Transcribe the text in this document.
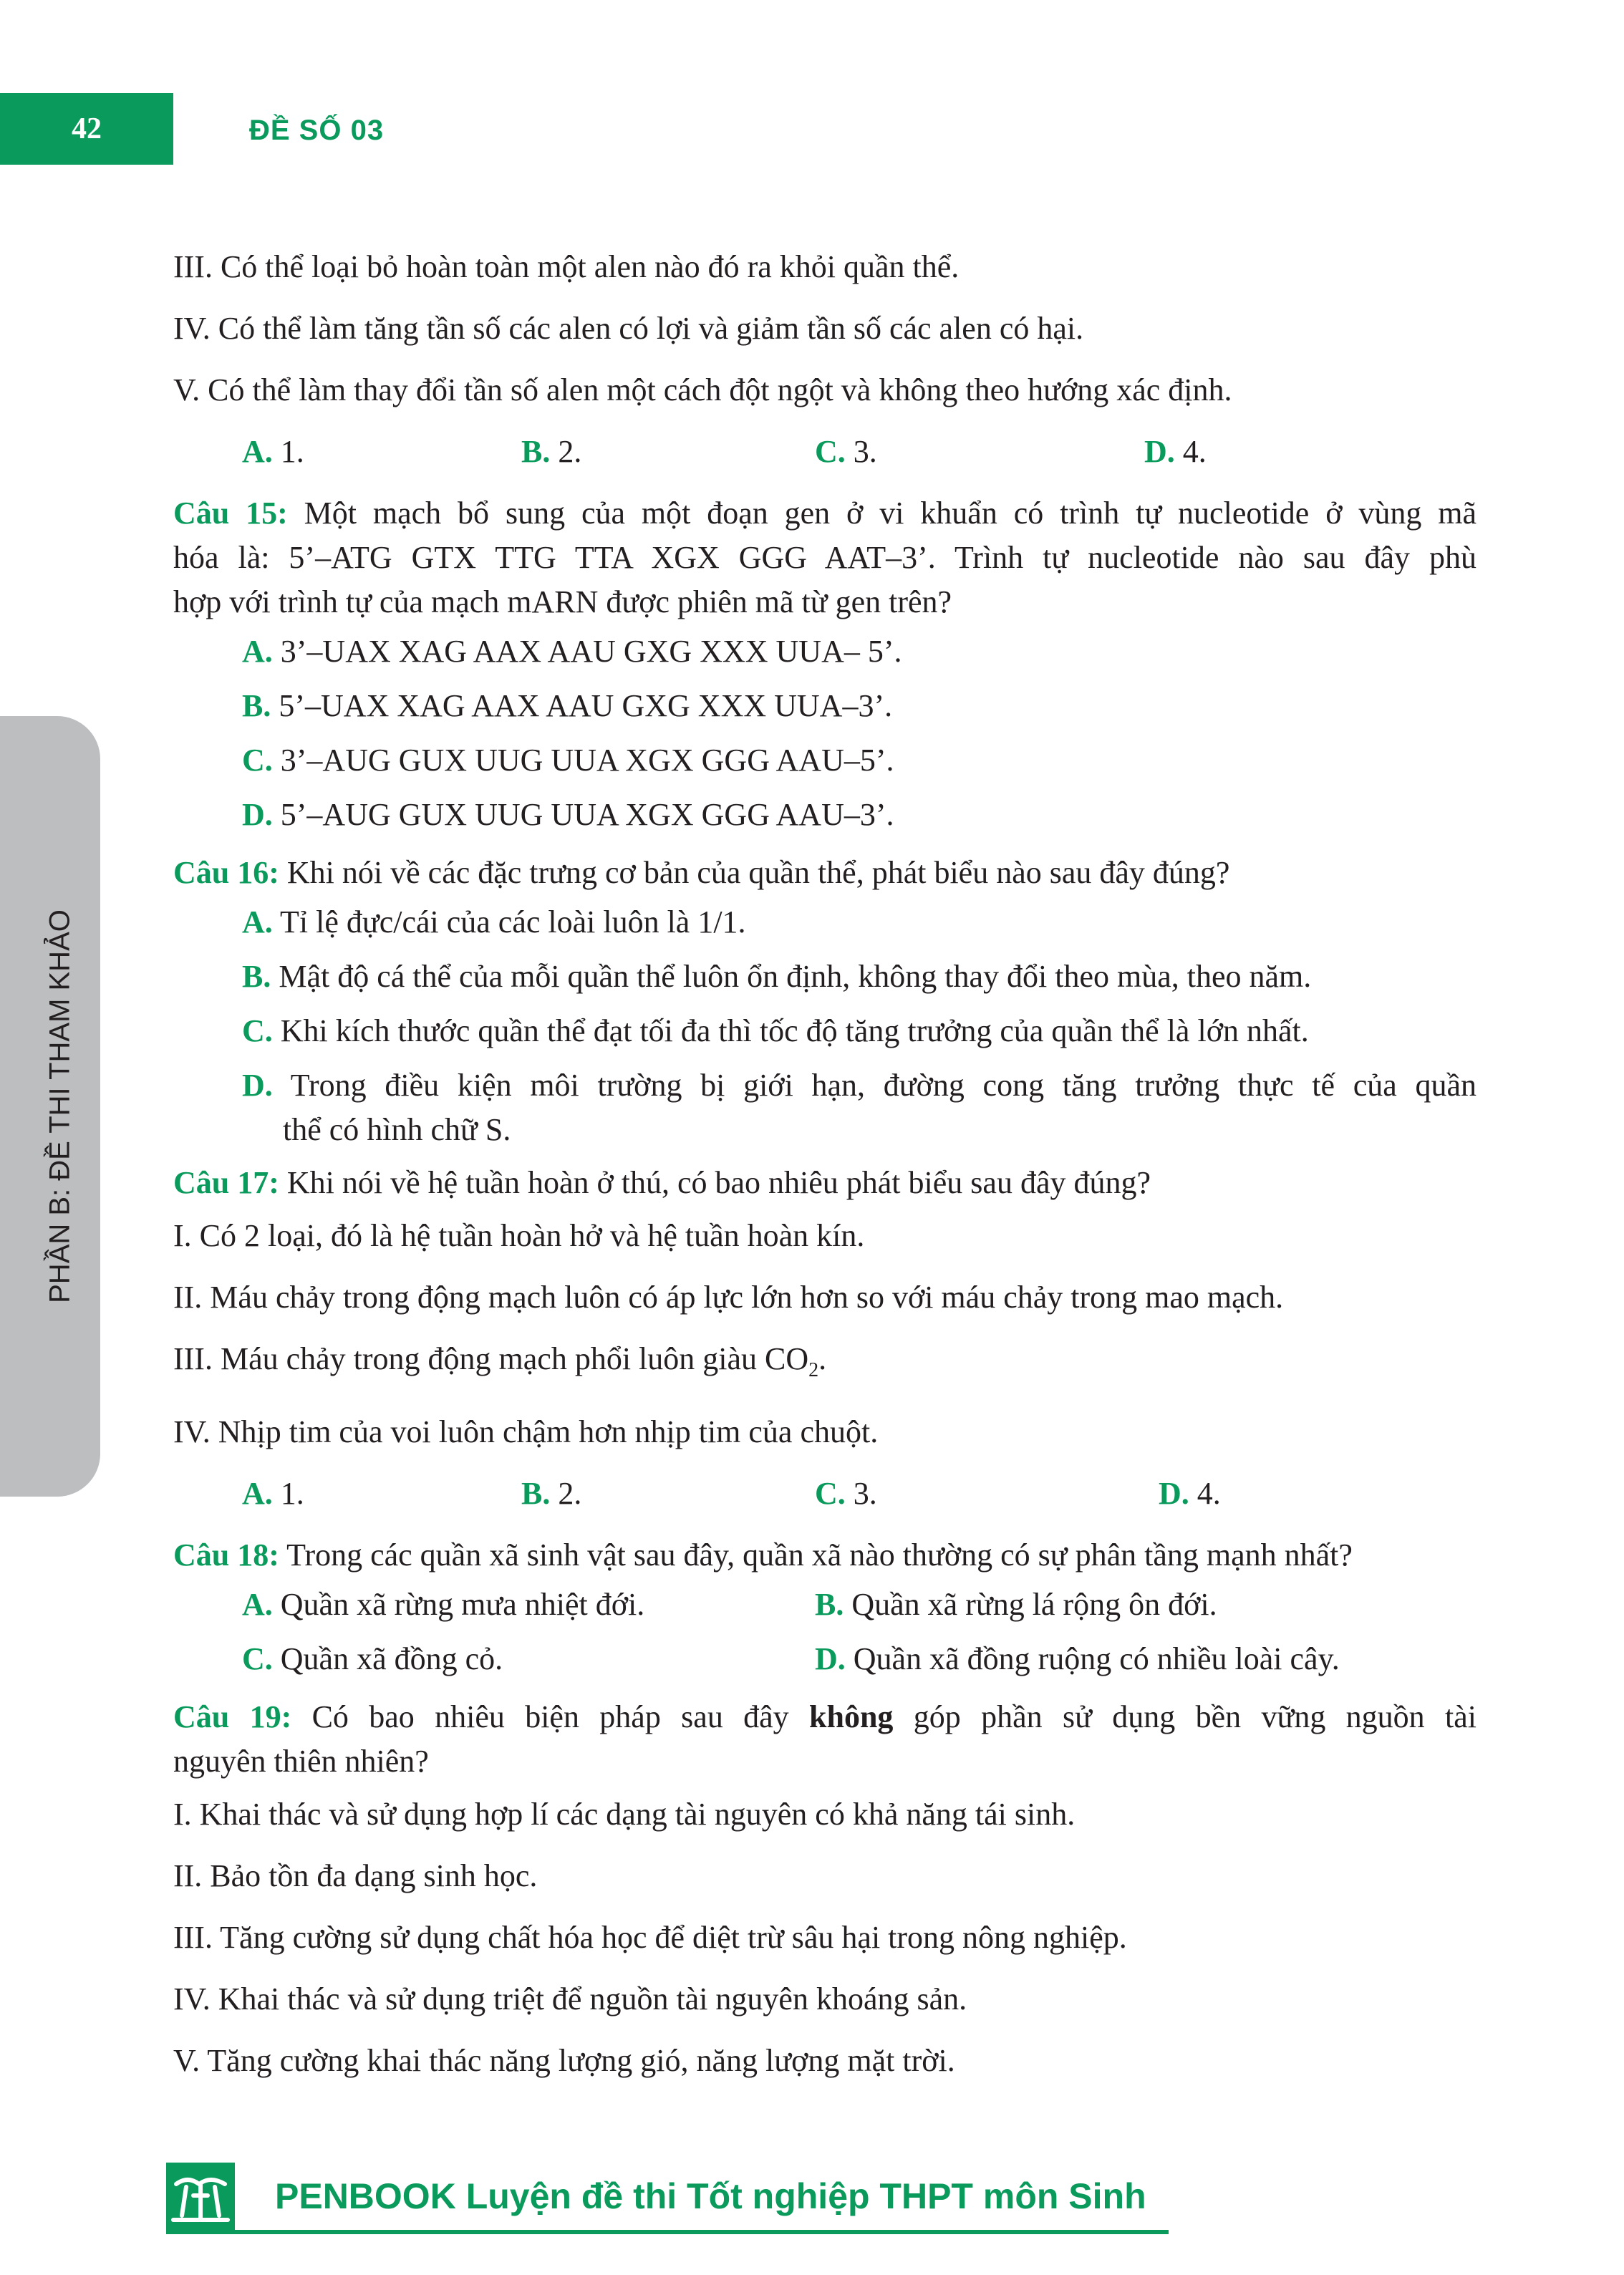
42	ĐỀ SỐ 03
PHẦN B: ĐỀ THI THAM KHẢO
III. Có thể loại bỏ hoàn toàn một alen nào đó ra khỏi quần thể.
IV. Có thể làm tăng tần số các alen có lợi và giảm tần số các alen có hại.
V. Có thể làm thay đổi tần số alen một cách đột ngột và không theo hướng xác định.
A. 1.	B. 2.	C. 3.	D. 4.
Câu 15: Một mạch bổ sung của một đoạn gen ở vi khuẩn có trình tự nucleotide ở vùng mã
hóa là: 5’–ATG GTX TTG TTA XGX GGG AAT–3’. Trình tự nucleotide nào sau đây phù
hợp với trình tự của mạch mARN được phiên mã từ gen trên?
A. 3’–UAX XAG AAX AAU GXG XXX UUA– 5’.
B. 5’–UAX XAG AAX AAU GXG XXX UUA–3’.
C. 3’–AUG GUX UUG UUA XGX GGG AAU–5’.
D. 5’–AUG GUX UUG UUA XGX GGG AAU–3’.
Câu 16: Khi nói về các đặc trưng cơ bản của quần thể, phát biểu nào sau đây đúng?
A. Tỉ lệ đực/cái của các loài luôn là 1/1.
B. Mật độ cá thể của mỗi quần thể luôn ổn định, không thay đổi theo mùa, theo năm.
C. Khi kích thước quần thể đạt tối đa thì tốc độ tăng trưởng của quần thể là lớn nhất.
D. Trong điều kiện môi trường bị giới hạn, đường cong tăng trưởng thực tế của quần
thể có hình chữ S.
Câu 17: Khi nói về hệ tuần hoàn ở thú, có bao nhiêu phát biểu sau đây đúng?
I. Có 2 loại, đó là hệ tuần hoàn hở và hệ tuần hoàn kín.
II. Máu chảy trong động mạch luôn có áp lực lớn hơn so với máu chảy trong mao mạch.
III. Máu chảy trong động mạch phổi luôn giàu $CO_2$.
IV. Nhịp tim của voi luôn chậm hơn nhịp tim của chuột.
A. 1.	B. 2.	C. 3.	D. 4.
Câu 18: Trong các quần xã sinh vật sau đây, quần xã nào thường có sự phân tầng mạnh nhất?
A. Quần xã rừng mưa nhiệt đới.	B. Quần xã rừng lá rộng ôn đới.
C. Quần xã đồng cỏ.	D. Quần xã đồng ruộng có nhiều loài cây.
Câu 19: Có bao nhiêu biện pháp sau đây không góp phần sử dụng bền vững nguồn tài
nguyên thiên nhiên?
I. Khai thác và sử dụng hợp lí các dạng tài nguyên có khả năng tái sinh.
II. Bảo tồn đa dạng sinh học.
III. Tăng cường sử dụng chất hóa học để diệt trừ sâu hại trong nông nghiệp.
IV. Khai thác và sử dụng triệt để nguồn tài nguyên khoáng sản.
V. Tăng cường khai thác năng lượng gió, năng lượng mặt trời.
PENBOOK Luyện đề thi Tốt nghiệp THPT môn Sinh
